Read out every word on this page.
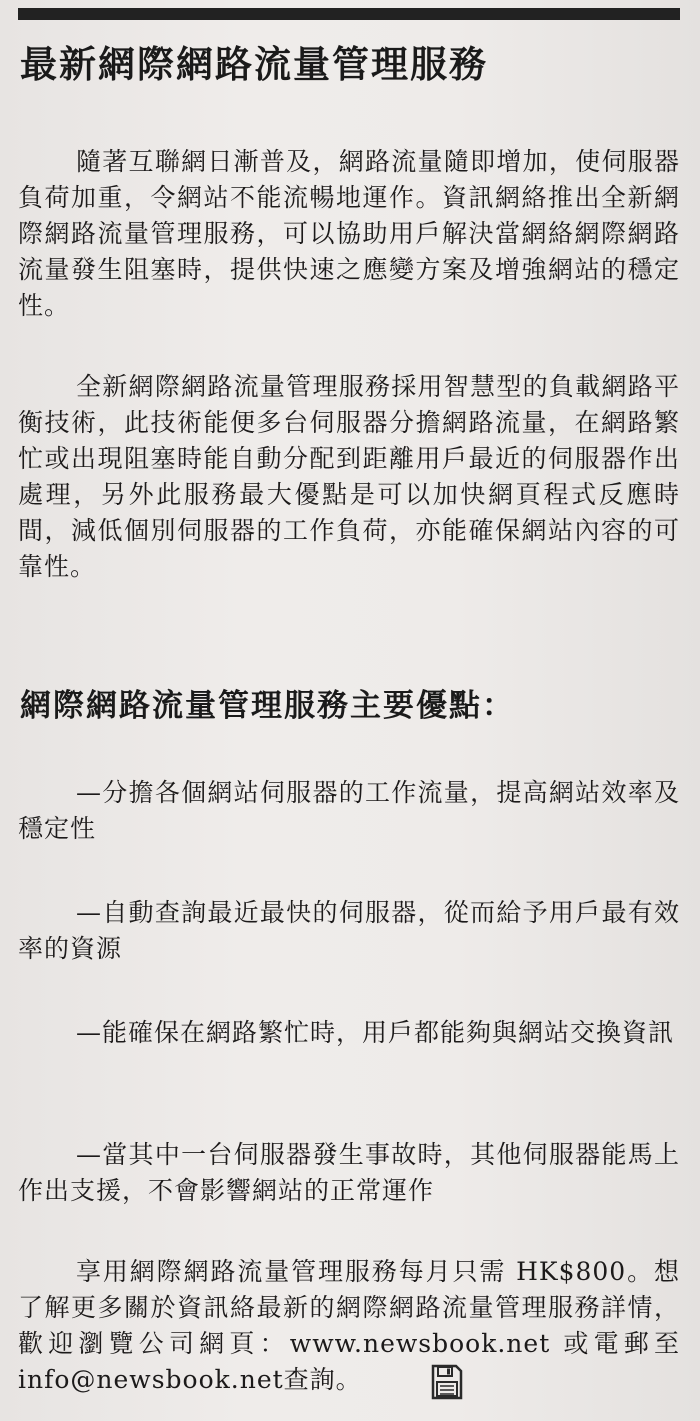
最新網際網路流量管理服務
隨著互聯網日漸普及，網路流量隨即增加，使伺服器負荷加重，令網站不能流暢地運作。資訊網絡推出全新網際網路流量管理服務，可以協助用戶解決當網絡網際網路流量發生阻塞時，提供快速之應變方案及增強網站的穩定性。
全新網際網路流量管理服務採用智慧型的負載網路平衡技術，此技術能便多台伺服器分擔網路流量，在網路繁忙或出現阻塞時能自動分配到距離用戶最近的伺服器作出處理，另外此服務最大優點是可以加快網頁程式反應時間，減低個別伺服器的工作負荷，亦能確保網站內容的可靠性。
網際網路流量管理服務主要優點：
—分擔各個網站伺服器的工作流量，提高網站效率及穩定性
—自動查詢最近最快的伺服器，從而給予用戶最有效率的資源
—能確保在網路繁忙時，用戶都能夠與網站交換資訊
—當其中一台伺服器發生事故時，其他伺服器能馬上作出支援，不會影響網站的正常運作
享用網際網路流量管理服務每月只需 HK$800。想了解更多關於資訊絡最新的網際網路流量管理服務詳情，歡迎瀏覽公司網頁：www.newsbook.net 或電郵至info@newsbook.net查詢。
